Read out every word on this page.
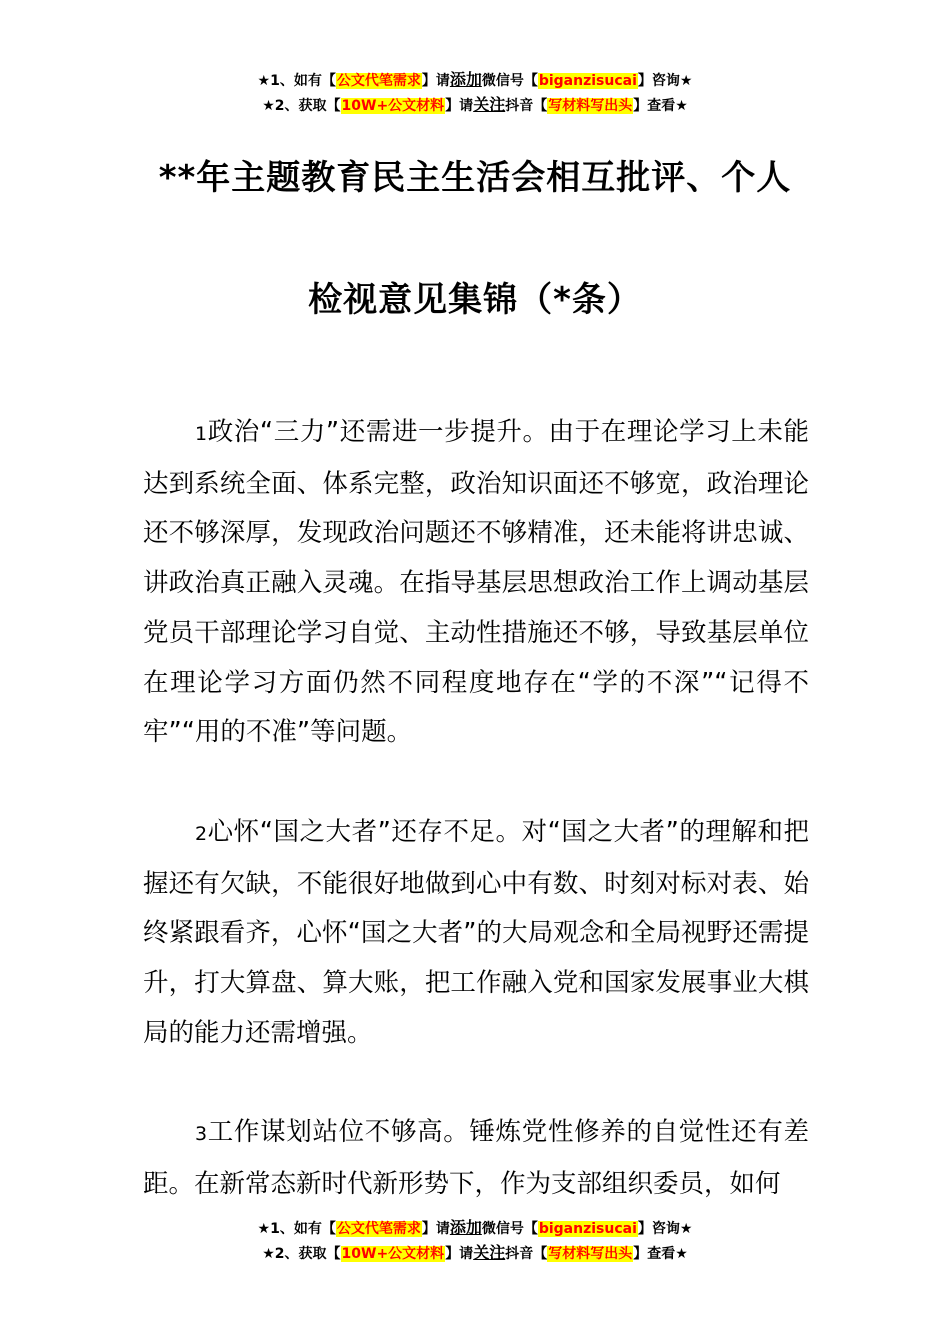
★1、如有【公文代笔需求】请添加微信号【biganzisucai】咨询★
★2、获取【10W+公文材料】请关注抖音【写材料写出头】查看★
**年主题教育民主生活会相互批评、个人
检视意见集锦（*条）

1政治“三力”还需进一步提升。由于在理论学习上未能达到系统全面、体系完整，政治知识面还不够宽，政治理论还不够深厚，发现政治问题还不够精准，还未能将讲忠诚、讲政治真正融入灵魂。在指导基层思想政治工作上调动基层党员干部理论学习自觉、主动性措施还不够，导致基层单位在理论学习方面仍然不同程度地存在“学的不深”“记得不牢”“用的不准”等问题。

2心怀“国之大者”还存不足。对“国之大者”的理解和把握还有欠缺，不能很好地做到心中有数、时刻对标对表、始终紧跟看齐，心怀“国之大者”的大局观念和全局视野还需提升，打大算盘、算大账，把工作融入党和国家发展事业大棋局的能力还需增强。

3工作谋划站位不够高。锤炼党性修养的自觉性还有差距。在新常态新时代新形势下，作为支部组织委员，如何

★1、如有【公文代笔需求】请添加微信号【biganzisucai】咨询★
★2、获取【10W+公文材料】请关注抖音【写材料写出头】查看★
